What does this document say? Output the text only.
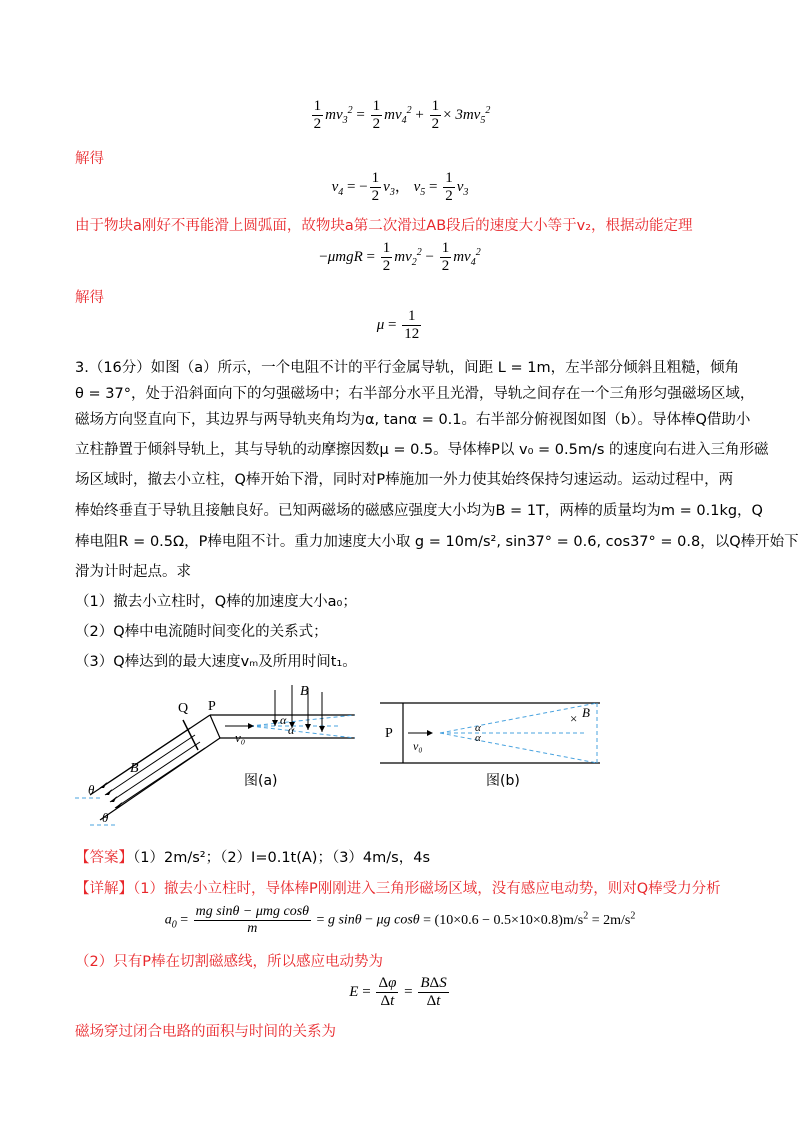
$\frac{1}{2} mv_3^2 = \frac{1}{2} mv_4^2 + \frac{1}{2} \times 3mv_5^2$
解得
$v_4$ = − $\frac{1}{2} v_3$， $v_5 = \frac{1}{2} v_3$
由于物块a刚好不再能滑上圆弧面，故物块a第二次滑过AB段后的速度大小等于v₂，根据动能定理
$-\mu mgR = \frac{1}{2} mv_2^2 - \frac{1}{2} mv_4^2$
解得
$\mu = \frac{1}{12}$
3.（16分）如图（a）所示，一个电阻不计的平行金属导轨，间距 L = 1m，左半部分倾斜且粗糙，倾角
θ = 37°，处于沿斜面向下的匀强磁场中；右半部分水平且光滑，导轨之间存在一个三角形匀强磁场区域，
磁场方向竖直向下，其边界与两导轨夹角均为α, tanα = 0.1。右半部分俯视图如图（b）。导体棒Q借助小
立柱静置于倾斜导轨上，其与导轨的动摩擦因数μ = 0.5。导体棒P以 v₀ = 0.5m/s 的速度向右进入三角形磁
场区域时，撤去小立柱，Q棒开始下滑，同时对P棒施加一外力使其始终保持匀速运动。运动过程中，两
棒始终垂直于导轨且接触良好。已知两磁场的磁感应强度大小均为B = 1T，两棒的质量均为m = 0.1kg，Q
棒电阻R = 0.5Ω，P棒电阻不计。重力加速度大小取 g = 10m/s², sin37° = 0.6, cos37° = 0.8，以Q棒开始下
滑为计时起点。求
（1）撤去小立柱时，Q棒的加速度大小a₀；
（2）Q棒中电流随时间变化的关系式；
（3）Q棒达到的最大速度vₘ及所用时间t₁。
Q P
B
B
v₀
α
α
θ
θ
图(a)
P
v₀
α
α
× B
图(b)
【答案】（1）2m/s²；（2）I=0.1t(A)；（3）4m/s，4s
【详解】（1）撤去小立柱时，导体棒P刚刚进入三角形磁场区域，没有感应电动势，则对Q棒受力分析
$a_0 = \frac{\text{mg sinθ − μmg cosθ}}{m} = g$ sinθ − μg $\cos\theta = (10\times 0.6 - 0.5\times 10\times 0.8)m/s^2 = 2m/s^2$
（2）只有P棒在切割磁感线，所以感应电动势为
$E = \frac{\Delta\varphi}{\Delta t} = \frac{\text{BΔS}}{\Delta t}$
磁场穿过闭合电路的面积与时间的关系为
